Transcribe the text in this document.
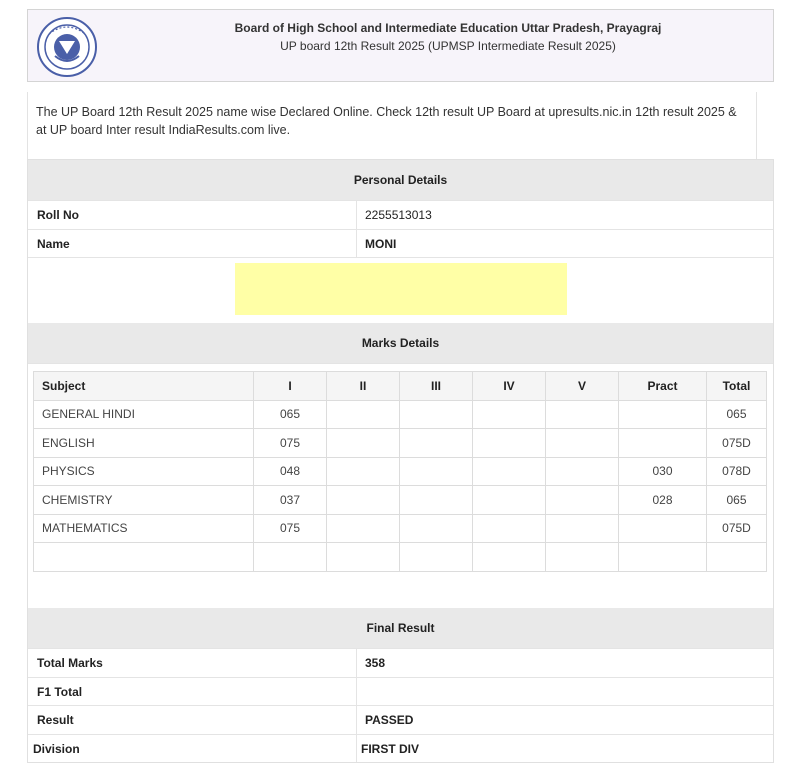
Board of High School and Intermediate Education Uttar Pradesh, Prayagraj
UP board 12th Result 2025 (UPMSP Intermediate Result 2025)
The UP Board 12th Result 2025 name wise Declared Online. Check 12th result UP Board at upresults.nic.in 12th result 2025 & at UP board Inter result IndiaResults.com live.
Personal Details
Roll No	2255513013
Name	MONI
Marks Details
Subject	I	II	III	IV	V	Pract	Total
GENERAL HINDI	065						065
ENGLISH	075						075D
PHYSICS	048					030	078D
CHEMISTRY	037					028	065
MATHEMATICS	075						075D

Final Result
Total Marks	358
F1 Total
Result	PASSED
Division	FIRST DIV
